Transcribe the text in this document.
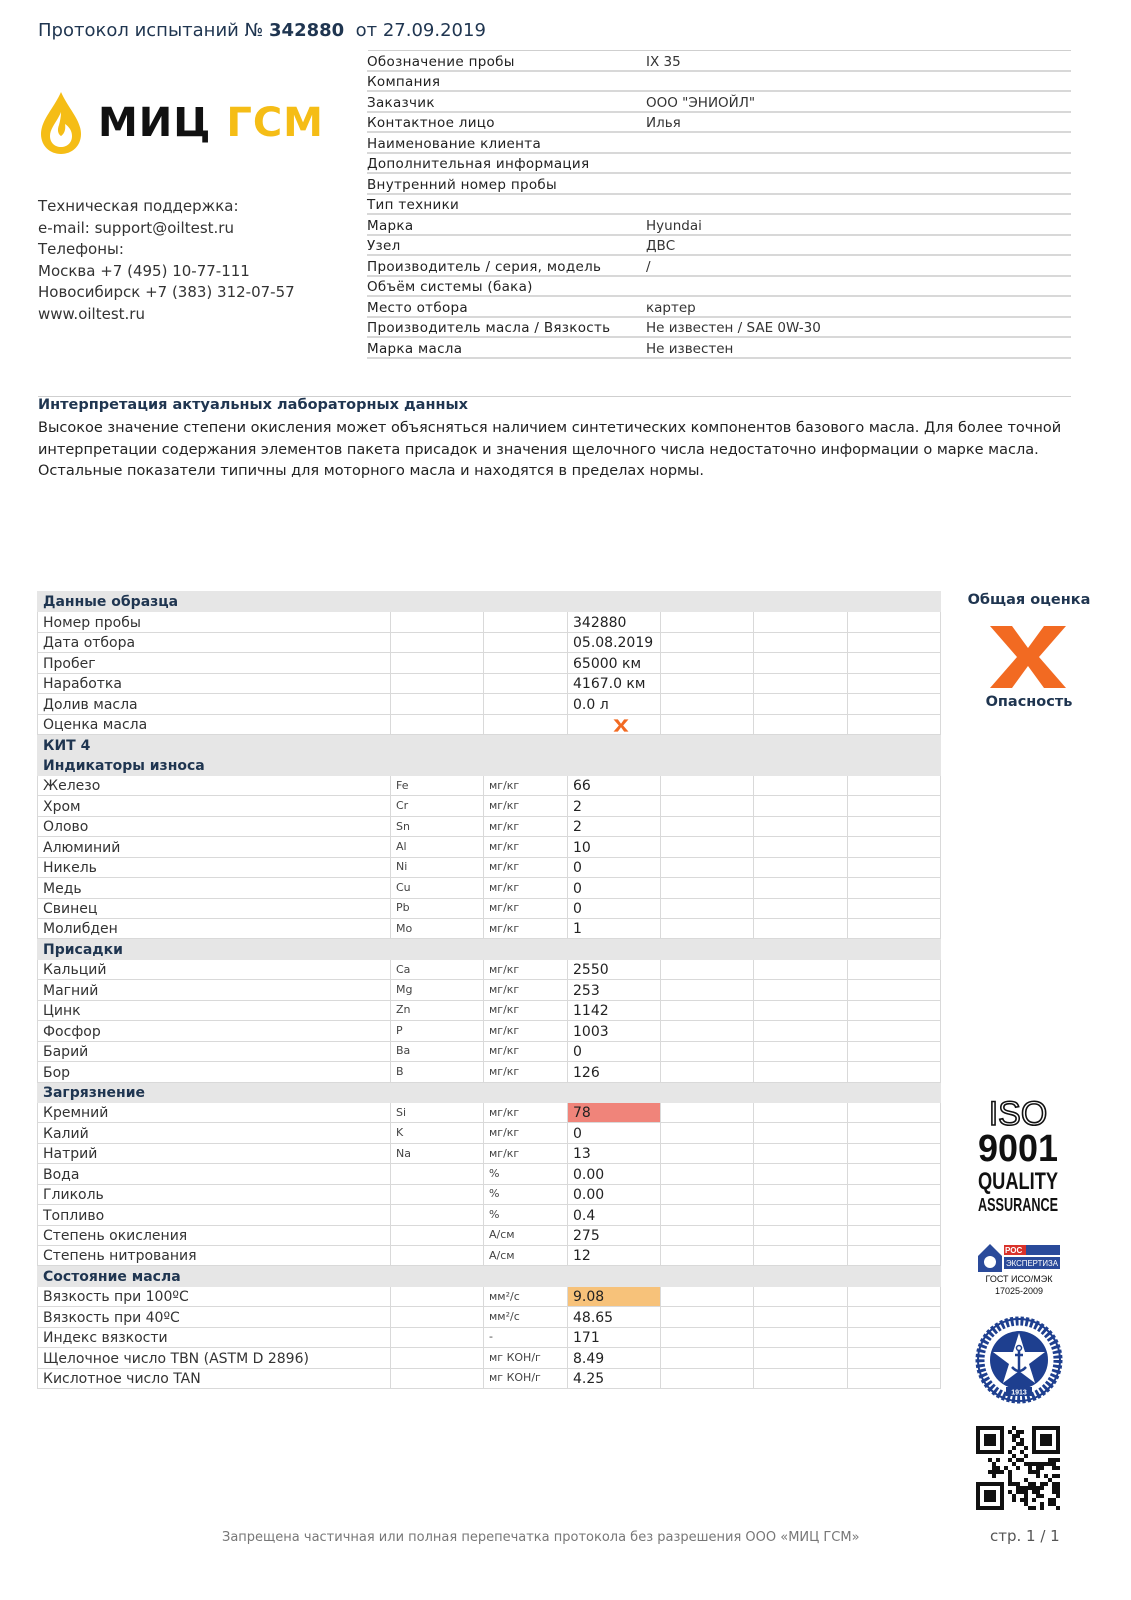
Протокол испытаний № 342880 от 27.09.2019
МИЦ ГСМ
Техническая поддержка:
e-mail: support@oiltest.ru
Телефоны:
Москва +7 (495) 10-77-111
Новосибирск +7 (383) 312-07-57
www.oiltest.ru
Обозначение пробы	IX 35
Компания
Заказчик	ООО "ЭНИОЙЛ"
Контактное лицо	Илья
Наименование клиента
Дополнительная информация
Внутренний номер пробы
Тип техники
Марка	Hyundai
Узел	ДВС
Производитель / серия, модель	/
Объём системы (бака)
Место отбора	картер
Производитель масла / Вязкость	Не известен / SAE 0W-30
Марка масла	Не известен
Интерпретация актуальных лабораторных данных
Высокое значение степени окисления может объясняться наличием синтетических компонентов базового масла. Для более точной интерпретации содержания элементов пакета присадок и значения щелочного числа недостаточно информации о марке масла. Остальные показатели типичны для моторного масла и находятся в пределах нормы.
Данные образца						
Номер пробы			342880			
Дата отбора			05.08.2019			
Пробег			65000 км			
Наработка			4167.0 км			
Долив масла			0.0 л			
Оценка масла						
КИТ 4						
Индикаторы износа						
Железо	Fe	мг/кг	66			
Хром	Cr	мг/кг	2			
Олово	Sn	мг/кг	2			
Алюминий	Al	мг/кг	10			
Никель	Ni	мг/кг	0			
Медь	Cu	мг/кг	0			
Свинец	Pb	мг/кг	0			
Молибден	Mo	мг/кг	1			
Присадки						
Кальций	Ca	мг/кг	2550			
Магний	Mg	мг/кг	253			
Цинк	Zn	мг/кг	1142			
Фосфор	P	мг/кг	1003			
Барий	Ba	мг/кг	0			
Бор	B	мг/кг	126			
Загрязнение						
Кремний	Si	мг/кг	78			
Калий	K	мг/кг	0			
Натрий	Na	мг/кг	13			
Вода		%	0.00			
Гликоль		%	0.00			
Топливо		%	0.4			
Степень окисления		А/см	275			
Степень нитрования		А/см	12			
Состояние масла						
Вязкость при 100ºC		мм²/с	9.08			
Вязкость при 40ºC		мм²/с	48.65			
Индекс вязкости		-	171			
Щелочное число TBN (ASTM D 2896)		мг КОН/г	8.49			
Кислотное число TAN		мг КОН/г	4.25			
Общая оценка
Опасность
ISO
9001
QUALITY
ASSURANCE
РОС
ЭКСПЕРТИЗА
ГОСТ ИСО/МЭК
17025-2009
1913
Запрещена частичная или полная перепечатка протокола без разрешения ООО «МИЦ ГСМ»	стр. 1 / 1
